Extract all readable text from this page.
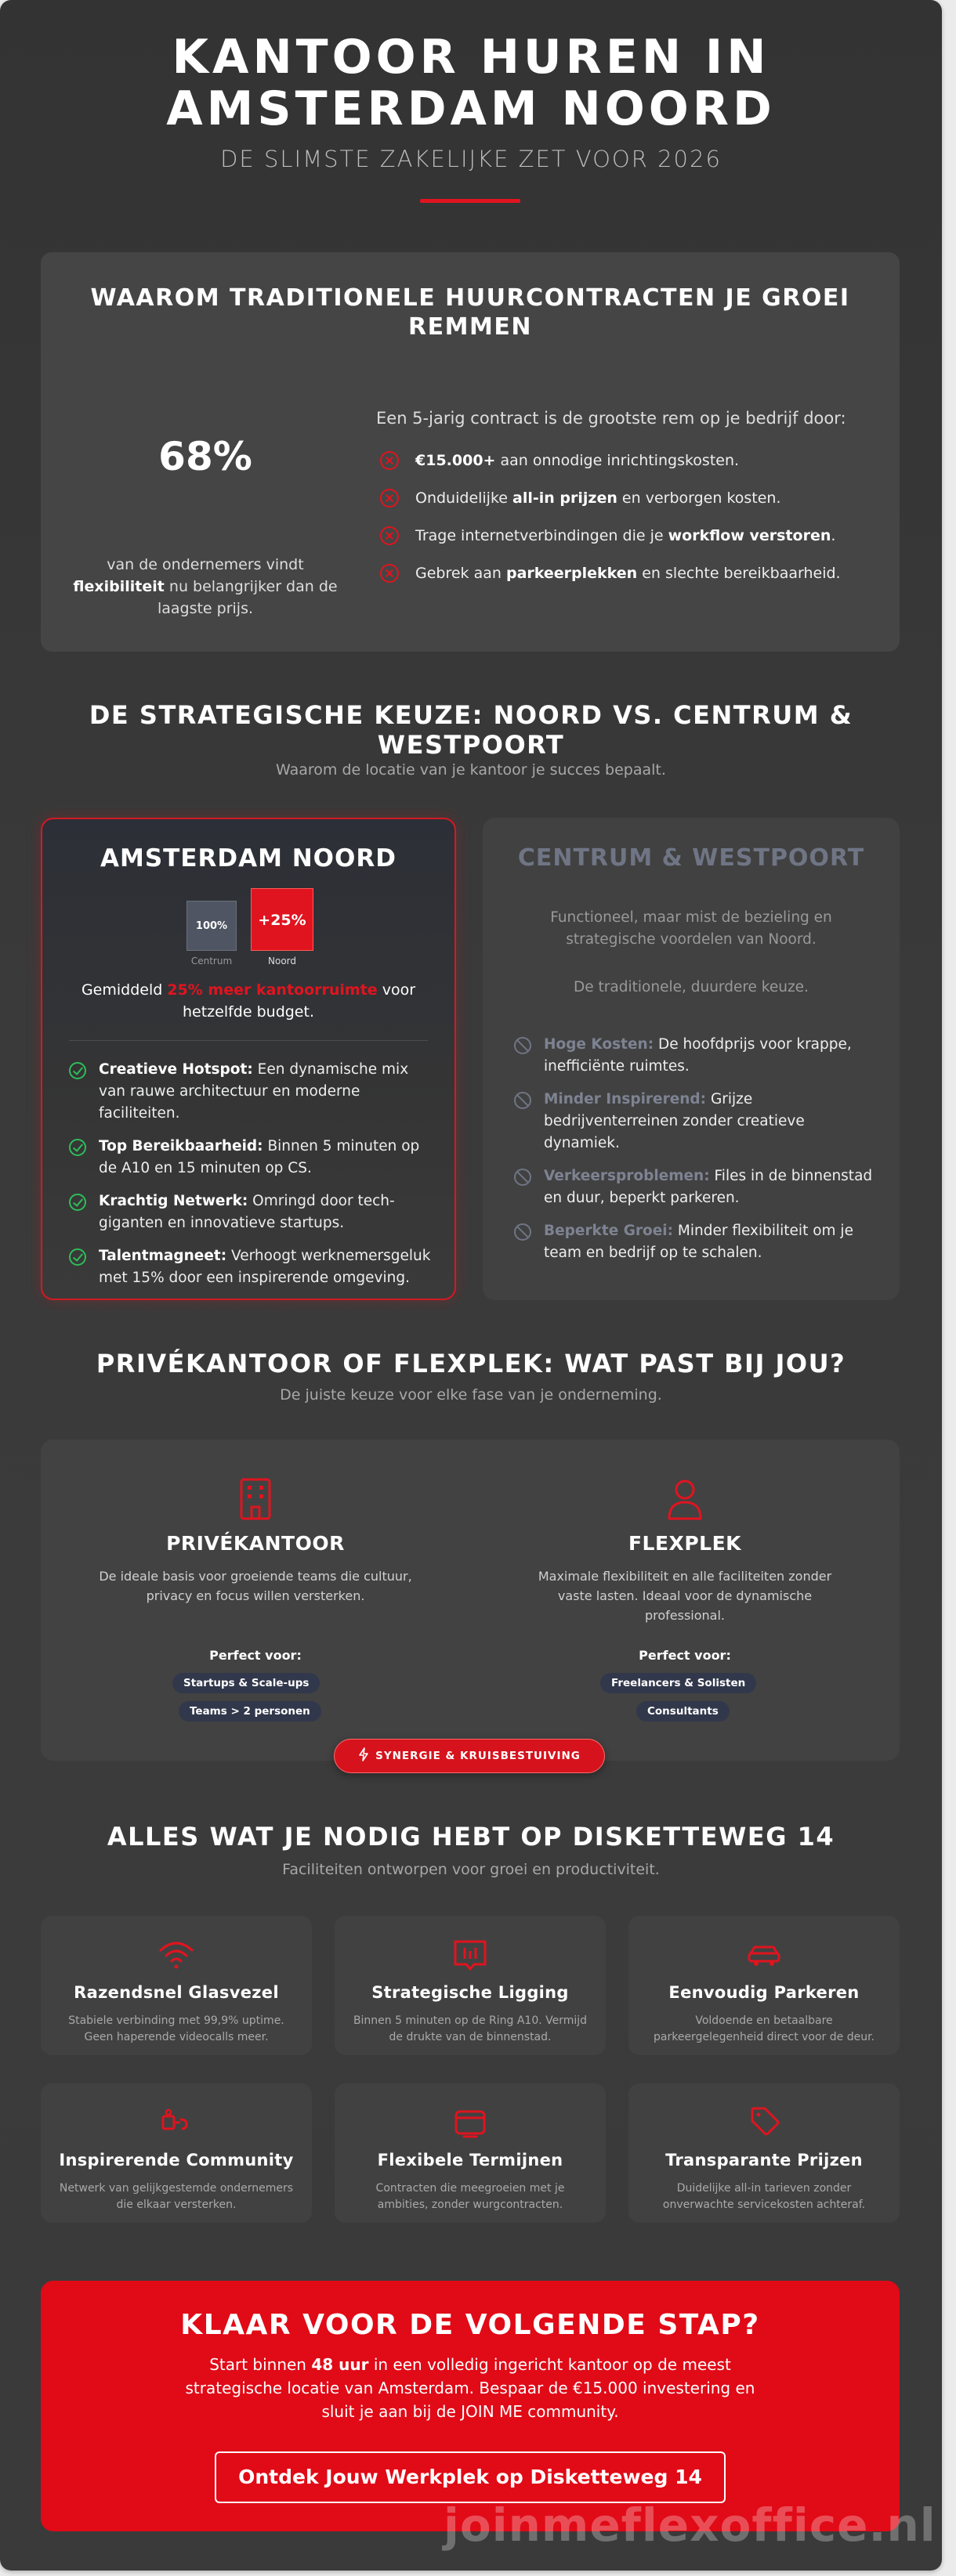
KANTOOR HUREN IN
AMSTERDAM NOORD
DE SLIMSTE ZAKELIJKE ZET VOOR 2026
WAAROM TRADITIONELE HUURCONTRACTEN JE GROEI REMMEN
68%
van de ondernemers vindt
flexibiliteit nu belangrijker dan de laagste prijs.
Een 5-jarig contract is de grootste rem op je bedrijf door:
€15.000+ aan onnodige inrichtingskosten.
Onduidelijke all-in prijzen en verborgen kosten.
Trage internetverbindingen die je workflow verstoren.
Gebrek aan parkeerplekken en slechte bereikbaarheid.
DE STRATEGISCHE KEUZE: NOORD VS. CENTRUM & WESTPOORT
Waarom de locatie van je kantoor je succes bepaalt.
AMSTERDAM NOORD
100%	+25%
Centrum	Noord
Gemiddeld 25% meer kantoorruimte voor hetzelfde budget.
Creatieve Hotspot: Een dynamische mix van rauwe architectuur en moderne faciliteiten.
Top Bereikbaarheid: Binnen 5 minuten op de A10 en 15 minuten op CS.
Krachtig Netwerk: Omringd door tech-giganten en innovatieve startups.
Talentmagneet: Verhoogt werknemersgeluk met 15% door een inspirerende omgeving.
CENTRUM & WESTPOORT
Functioneel, maar mist de bezieling en strategische voordelen van Noord.
De traditionele, duurdere keuze.
Hoge Kosten: De hoofdprijs voor krappe, inefficiënte ruimtes.
Minder Inspirerend: Grijze bedrijventerreinen zonder creatieve dynamiek.
Verkeersproblemen: Files in de binnenstad en duur, beperkt parkeren.
Beperkte Groei: Minder flexibiliteit om je team en bedrijf op te schalen.
PRIVÉKANTOOR OF FLEXPLEK: WAT PAST BIJ JOU?
De juiste keuze voor elke fase van je onderneming.
PRIVÉKANTOOR
De ideale basis voor groeiende teams die cultuur, privacy en focus willen versterken.
Perfect voor:
Startups & Scale-ups
Teams > 2 personen
FLEXPLEK
Maximale flexibiliteit en alle faciliteiten zonder vaste lasten. Ideaal voor de dynamische professional.
Perfect voor:
Freelancers & Solisten
Consultants
SYNERGIE & KRUISBESTUIVING
ALLES WAT JE NODIG HEBT OP DISKETTEWEG 14
Faciliteiten ontworpen voor groei en productiviteit.
Razendsnel Glasvezel
Stabiele verbinding met 99,9% uptime. Geen haperende videocalls meer.
Strategische Ligging
Binnen 5 minuten op de Ring A10. Vermijd de drukte van de binnenstad.
Eenvoudig Parkeren
Voldoende en betaalbare parkeergelegenheid direct voor de deur.
Inspirerende Community
Netwerk van gelijkgestemde ondernemers die elkaar versterken.
Flexibele Termijnen
Contracten die meegroeien met je ambities, zonder wurgcontracten.
Transparante Prijzen
Duidelijke all-in tarieven zonder onverwachte servicekosten achteraf.
KLAAR VOOR DE VOLGENDE STAP?
Start binnen 48 uur in een volledig ingericht kantoor op de meest strategische locatie van Amsterdam. Bespaar de €15.000 investering en sluit je aan bij de JOIN ME community.
Ontdek Jouw Werkplek op Disketteweg 14
joinmeflexoffice.nl
